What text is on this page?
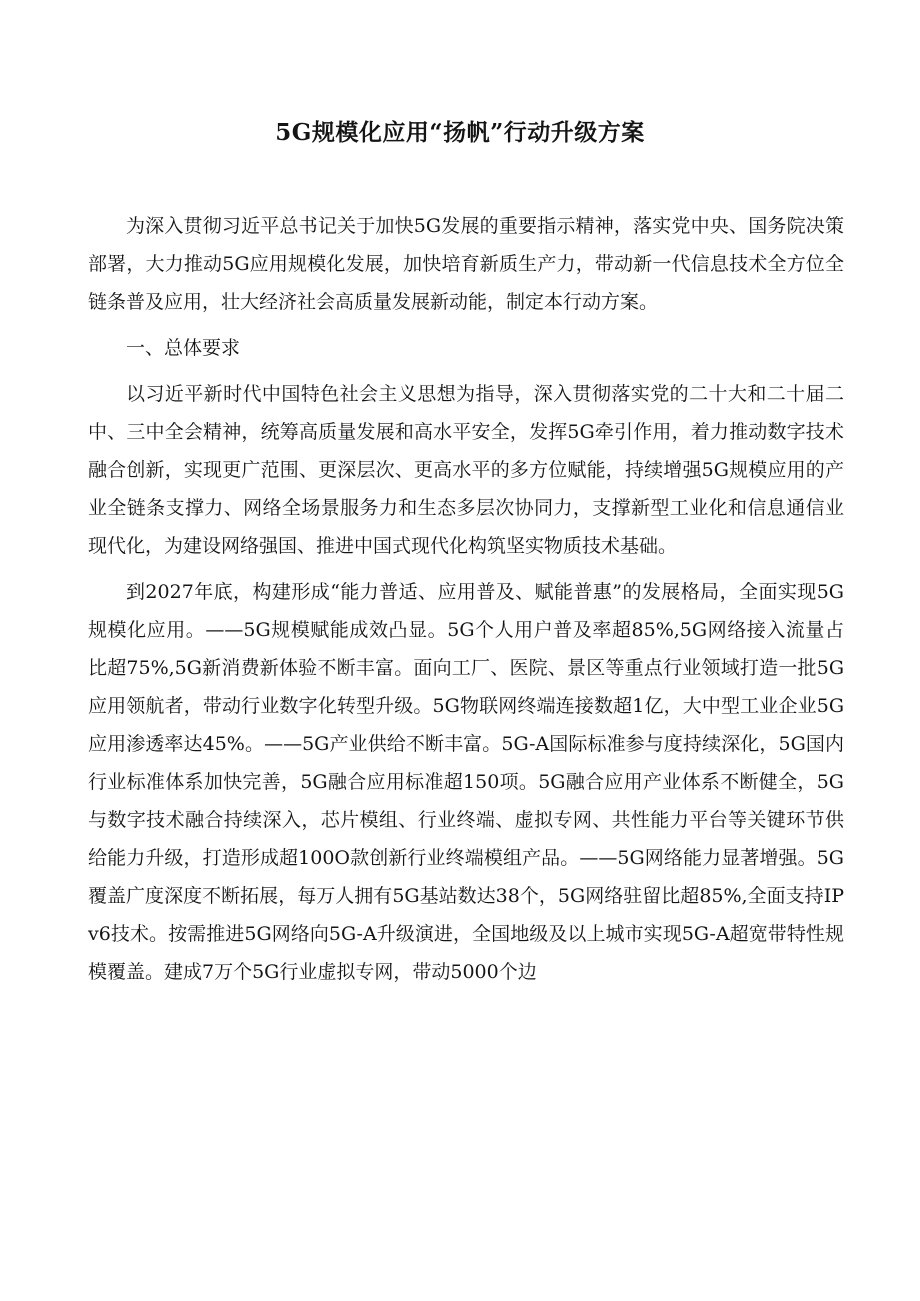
5G规模化应用“扬帆”行动升级方案

为深入贯彻习近平总书记关于加快5G发展的重要指示精神，落实党中央、国务院决策部署，大力推动5G应用规模化发展，加快培育新质生产力，带动新一代信息技术全方位全链条普及应用，壮大经济社会高质量发展新动能，制定本行动方案。

一、总体要求

以习近平新时代中国特色社会主义思想为指导，深入贯彻落实党的二十大和二十届二中、三中全会精神，统筹高质量发展和高水平安全，发挥5G牵引作用，着力推动数字技术融合创新，实现更广范围、更深层次、更高水平的多方位赋能，持续增强5G规模应用的产业全链条支撑力、网络全场景服务力和生态多层次协同力，支撑新型工业化和信息通信业现代化，为建设网络强国、推进中国式现代化构筑坚实物质技术基础。

到2027年底，构建形成“能力普适、应用普及、赋能普惠”的发展格局，全面实现5G规模化应用。——5G规模赋能成效凸显。5G个人用户普及率超85%,5G网络接入流量占比超75%,5G新消费新体验不断丰富。面向工厂、医院、景区等重点行业领域打造一批5G应用领航者，带动行业数字化转型升级。5G物联网终端连接数超1亿，大中型工业企业5G应用渗透率达45%。——5G产业供给不断丰富。5G-A国际标准参与度持续深化，5G国内行业标准体系加快完善，5G融合应用标准超150项。5G融合应用产业体系不断健全，5G与数字技术融合持续深入，芯片模组、行业终端、虚拟专网、共性能力平台等关键环节供给能力升级，打造形成超100O款创新行业终端模组产品。——5G网络能力显著增强。5G覆盖广度深度不断拓展，每万人拥有5G基站数达38个，5G网络驻留比超85%,全面支持IPv6技术。按需推进5G网络向5G-A升级演进，全国地级及以上城市实现5G-A超宽带特性规模覆盖。建成7万个5G行业虚拟专网，带动5000个边
